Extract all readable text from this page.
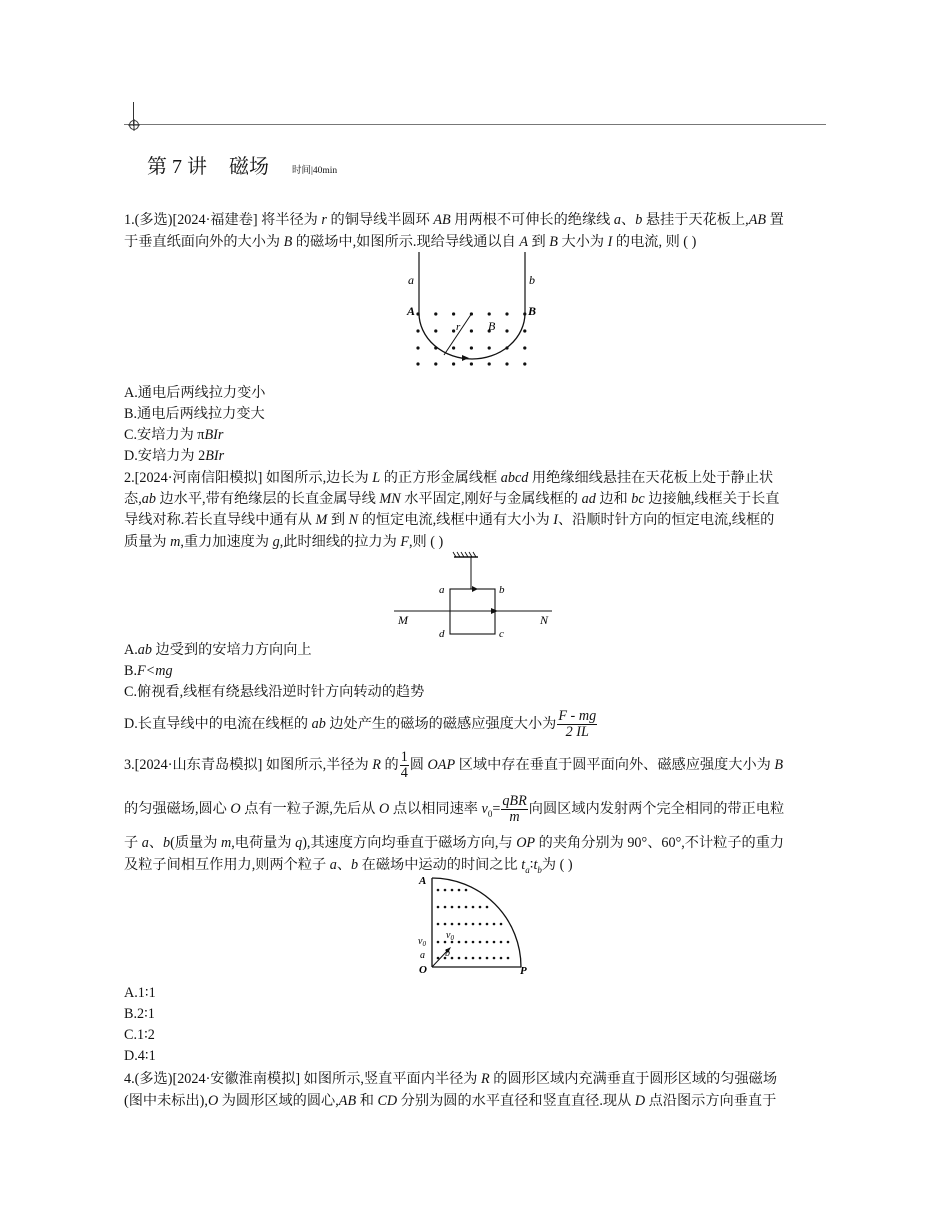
第 7 讲 磁场 时间|40min
1.(多选)[2024·福建卷] 将半径为 r 的铜导线半圆环 AB 用两根不可伸长的绝缘线 a、b 悬挂于天花板上,AB 置
于垂直纸面向外的大小为 B 的磁场中,如图所示.现给导线通以自 A 到 B 大小为 I 的电流, 则 ( )
a	b
A	B
r B
A.通电后两线拉力变小
B.通电后两线拉力变大
C.安培力为 πBIr
D.安培力为 2BIr
2.[2024·河南信阳模拟] 如图所示,边长为 L 的正方形金属线框 abcd 用绝缘细线悬挂在天花板上处于静止状
态,ab 边水平,带有绝缘层的长直金属导线 MN 水平固定,刚好与金属线框的 ad 边和 bc 边接触,线框关于长直
导线对称.若长直导线中通有从 M 到 N 的恒定电流,线框中通有大小为 I、沿顺时针方向的恒定电流,线框的
质量为 m,重力加速度为 g,此时细线的拉力为 F,则 ( )
a	b
d	c
M	N
A.ab 边受到的安培力方向向上
B.F<mg
C.俯视看,线框有绕悬线沿逆时针方向转动的趋势
D.长直导线中的电流在线框的 ab 边处产生的磁场的磁感应强度大小为 $\frac{F - mg}{2 IL}$
3.[2024·山东青岛模拟] 如图所示,半径为 R 的 $\frac{1}{4}$ 圆 OAP 区域中存在垂直于圆平面向外、磁感应强度大小为 B
的匀强磁场,圆心 O 点有一粒子源,先后从 O 点以相同速率 $v_0= \frac{\text{qBR}}{m}$ 向圆区域内发射两个完全相同的带正电粒
子 a、b(质量为 m,电荷量为 q),其速度方向均垂直于磁场方向,与 OP 的夹角分别为 90°、60°,不计粒子的重力
及粒子间相互作用力,则两个粒子 a、b 在磁场中运动的时间之比 $t_a∶t_b$为 ( )
A
O	P
$v_0$
$v_0$
a b
A.1∶1
B.2∶1
C.1∶2
D.4∶1
4.(多选)[2024·安徽淮南模拟] 如图所示,竖直平面内半径为 R 的圆形区域内充满垂直于圆形区域的匀强磁场
(图中未标出),O 为圆形区域的圆心,AB 和 CD 分别为圆的水平直径和竖直直径.现从 D 点沿图示方向垂直于
